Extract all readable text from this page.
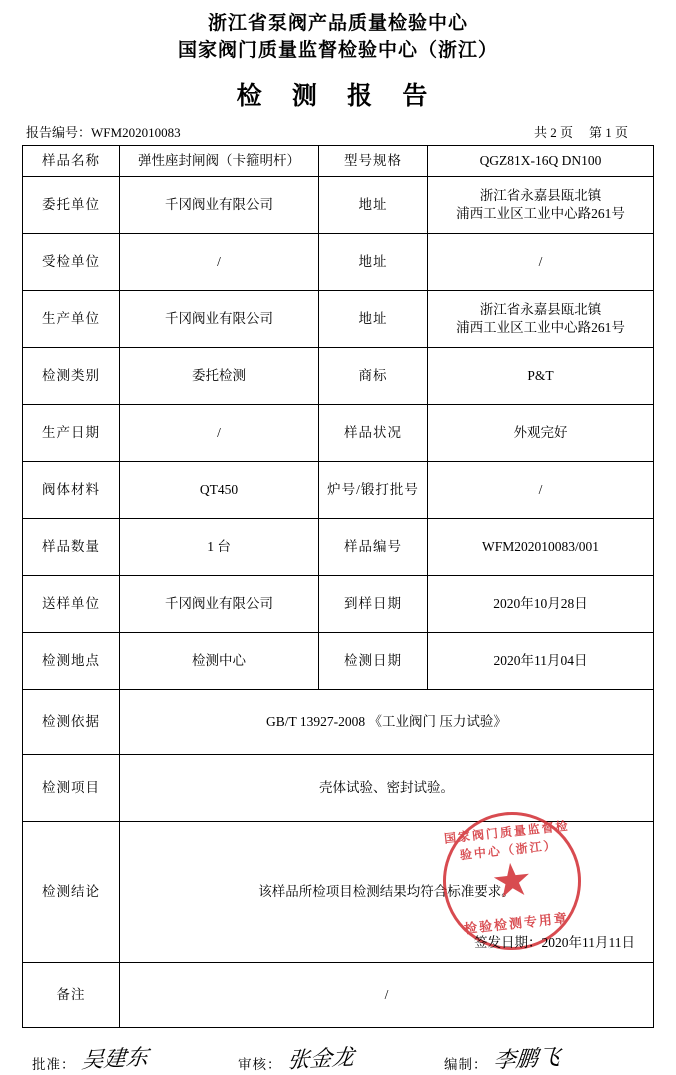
浙江省泵阀产品质量检验中心
国家阀门质量监督检验中心（浙江）
检 测 报 告
报告编号：WFM202010083	共 2 页 第 1 页
样品名称	弹性座封闸阀（卡箍明杆）	型号规格	QGZ81X-16Q DN100
委托单位	千冈阀业有限公司	地址	浙江省永嘉县瓯北镇
浦西工业区工业中心路261号

受检单位	/	地址	/
生产单位	千冈阀业有限公司	地址	浙江省永嘉县瓯北镇
浦西工业区工业中心路261号

检测类别	委托检测	商标	P&T
生产日期	/	样品状况	外观完好
阀体材料	QT450	炉号/锻打批号	/
样品数量	1 台	样品编号	WFM202010083/001
送样单位	千冈阀业有限公司	到样日期	2020年10月28日
检测地点	检测中心	检测日期	2020年11月04日
检测依据	GB/T 13927-2008 《工业阀门 压力试验》		
检测项目	壳体试验、密封试验。		
检测结论	该样品所检项目检测结果均符合标准要求。
国家阀门质量监督检验中心（浙江）
★
检验检测专用章
签发日期：2020年11月11日		

备注	/		
批准： 吴建东	审核： 张金龙	编制： 李鹏飞
